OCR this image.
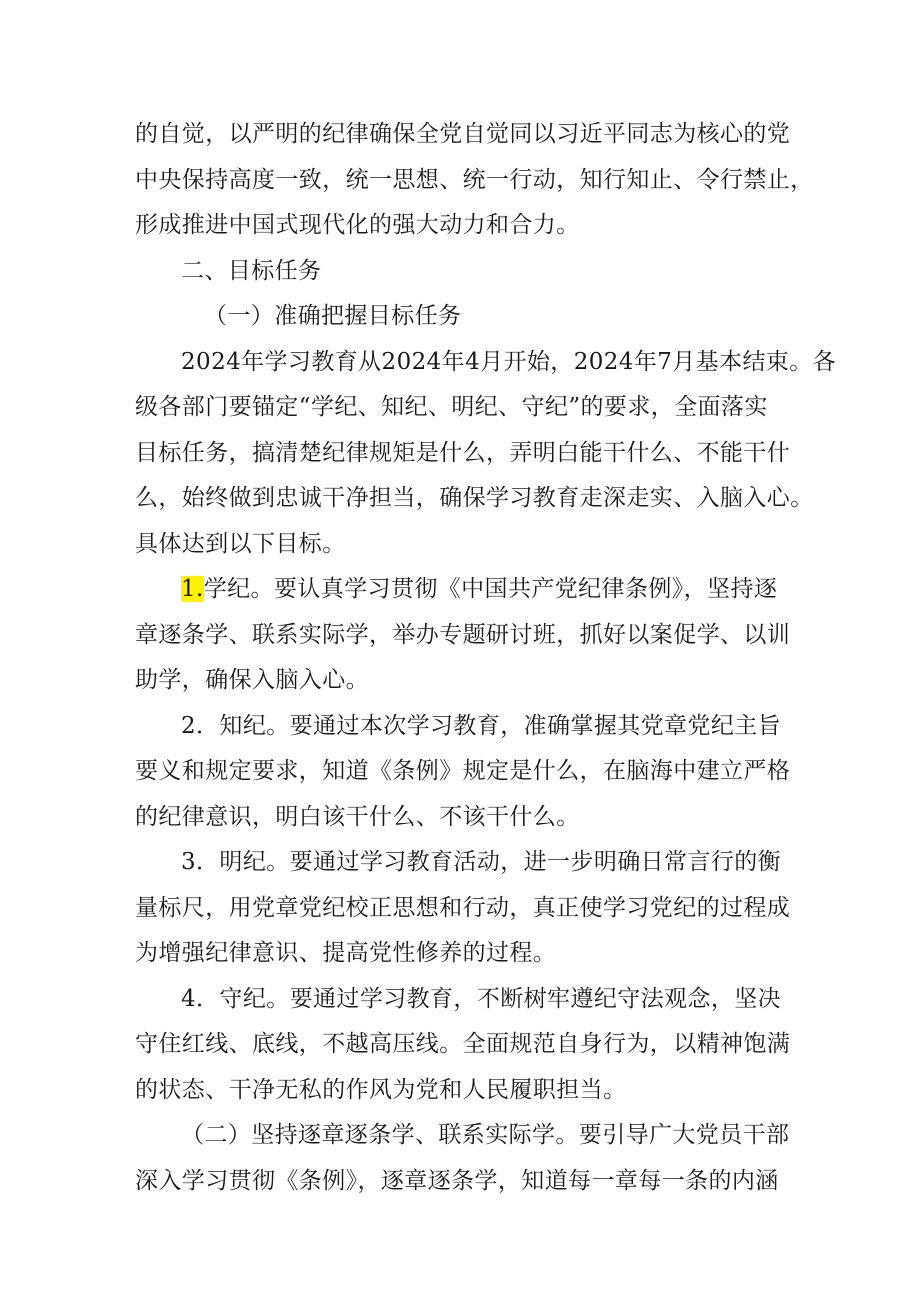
的自觉，以严明的纪律确保全党自觉同以习近平同志为核心的党
中央保持高度一致，统一思想、统一行动，知行知止、令行禁止，
形成推进中国式现代化的强大动力和合力。
二、目标任务
（一）准确把握目标任务
2024年学习教育从2024年4月开始，2024年7月基本结束。各
级各部门要锚定“学纪、知纪、明纪、守纪”的要求，全面落实
目标任务，搞清楚纪律规矩是什么，弄明白能干什么、不能干什
么，始终做到忠诚干净担当，确保学习教育走深走实、入脑入心。
具体达到以下目标。
1.学纪。要认真学习贯彻《中国共产党纪律条例》，坚持逐
章逐条学、联系实际学，举办专题研讨班，抓好以案促学、以训
助学，确保入脑入心。
2．知纪。要通过本次学习教育，准确掌握其党章党纪主旨
要义和规定要求，知道《条例》规定是什么，在脑海中建立严格
的纪律意识，明白该干什么、不该干什么。
3．明纪。要通过学习教育活动，进一步明确日常言行的衡
量标尺，用党章党纪校正思想和行动，真正使学习党纪的过程成
为增强纪律意识、提高党性修养的过程。
4．守纪。要通过学习教育，不断树牢遵纪守法观念，坚决
守住红线、底线，不越高压线。全面规范自身行为，以精神饱满
的状态、干净无私的作风为党和人民履职担当。
（二）坚持逐章逐条学、联系实际学。要引导广大党员干部
深入学习贯彻《条例》，逐章逐条学，知道每一章每一条的内涵
